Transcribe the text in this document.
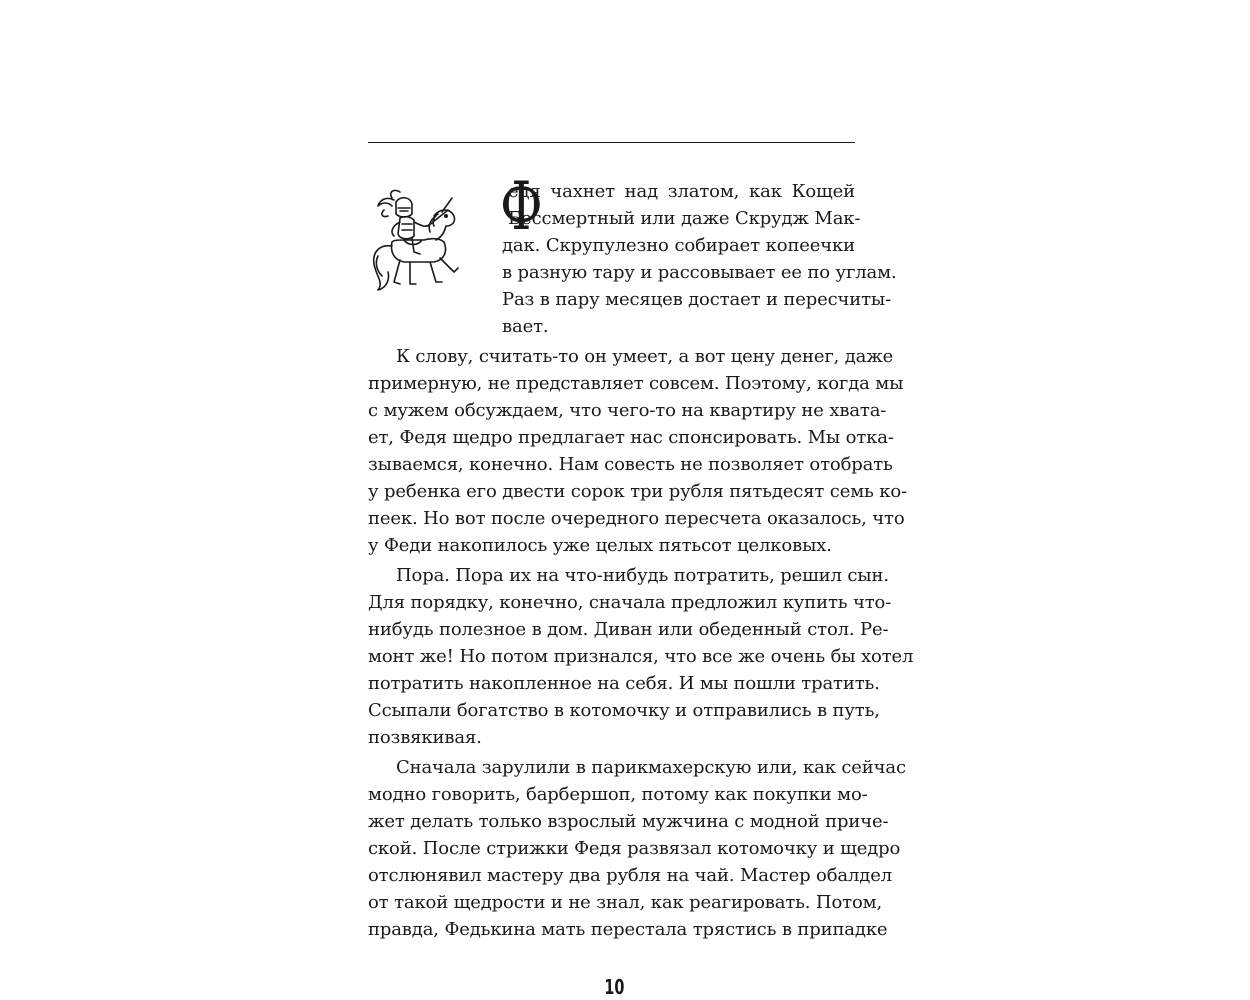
Ф
едя чахнет над златом, как Кощей
Бессмертный или даже Скрудж Мак-
дак. Скрупулезно собирает копеечки
в разную тару и рассовывает ее по углам.
Раз в пару месяцев достает и пересчиты-
вает.
К слову, считать-то он умеет, а вот цену денег, даже
примерную, не представляет совсем. Поэтому, когда мы
с мужем обсуждаем, что чего-то на квартиру не хвата-
ет, Федя щедро предлагает нас спонсировать. Мы отка-
зываемся, конечно. Нам совесть не позволяет отобрать
у ребенка его двести сорок три рубля пятьдесят семь ко-
пеек. Но вот после очередного пересчета оказалось, что
у Феди накопилось уже целых пятьсот целковых.
Пора. Пора их на что-нибудь потратить, решил сын.
Для порядку, конечно, сначала предложил купить что-
нибудь полезное в дом. Диван или обеденный стол. Ре-
монт же! Но потом признался, что все же очень бы хотел
потратить накопленное на себя. И мы пошли тратить.
Ссыпали богатство в котомочку и отправились в путь,
позвякивая.
Сначала зарулили в парикмахерскую или, как сейчас
модно говорить, барбершоп, потому как покупки мо-
жет делать только взрослый мужчина с модной приче-
ской. После стрижки Федя развязал котомочку и щедро
отслюнявил мастеру два рубля на чай. Мастер обалдел
от такой щедрости и не знал, как реагировать. Потом,
правда, Федькина мать перестала трястись в припадке
10
